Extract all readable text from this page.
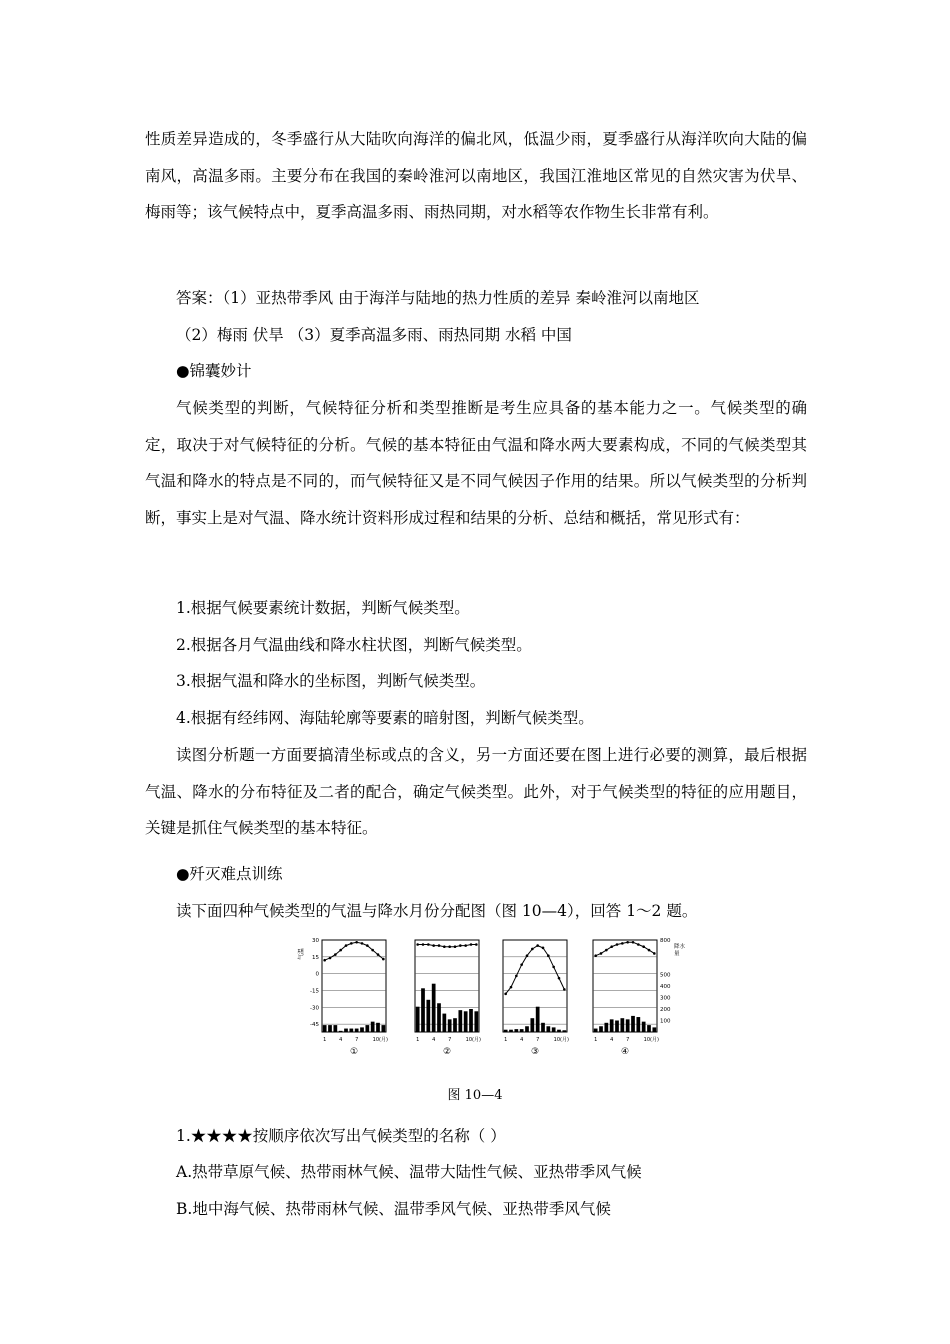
性质差异造成的，冬季盛行从大陆吹向海洋的偏北风，低温少雨，夏季盛行从海洋吹向大陆的偏南风，高温多雨。主要分布在我国的秦岭淮河以南地区，我国江淮地区常见的自然灾害为伏旱、梅雨等；该气候特点中，夏季高温多雨、雨热同期，对水稻等农作物生长非常有利。

答案：（1）亚热带季风 由于海洋与陆地的热力性质的差异 秦岭淮河以南地区

（2）梅雨 伏旱 （3）夏季高温多雨、雨热同期 水稻 中国

●锦囊妙计

气候类型的判断，气候特征分析和类型推断是考生应具备的基本能力之一。气候类型的确定，取决于对气候特征的分析。气候的基本特征由气温和降水两大要素构成，不同的气候类型其气温和降水的特点是不同的，而气候特征又是不同气候因子作用的结果。所以气候类型的分析判断，事实上是对气温、降水统计资料形成过程和结果的分析、总结和概括，常见形式有：

1.根据气候要素统计数据，判断气候类型。

2.根据各月气温曲线和降水柱状图，判断气候类型。

3.根据气温和降水的坐标图，判断气候类型。

4.根据有经纬网、海陆轮廓等要素的暗射图，判断气候类型。

读图分析题一方面要搞清坐标或点的含义，另一方面还要在图上进行必要的测算，最后根据气温、降水的分布特征及二者的配合，确定气候类型。此外，对于气候类型的特征的应用题目，关键是抓住气候类型的基本特征。

●歼灭难点训练

读下面四种气候类型的气温与降水月份分配图（图 10—4），回答 1～2 题。

气温
30
15
0
-15
-30
-45
800
500
400
300
200
100
降水
量
1	4	7	10(月)
①
1	4	7	10(月)
②
1	4	7	10(月)
③
1	4	7	10(月)
④
图 10—4

1.★★★★按顺序依次写出气候类型的名称（ ）

A.热带草原气候、热带雨林气候、温带大陆性气候、亚热带季风气候

B.地中海气候、热带雨林气候、温带季风气候、亚热带季风气候
